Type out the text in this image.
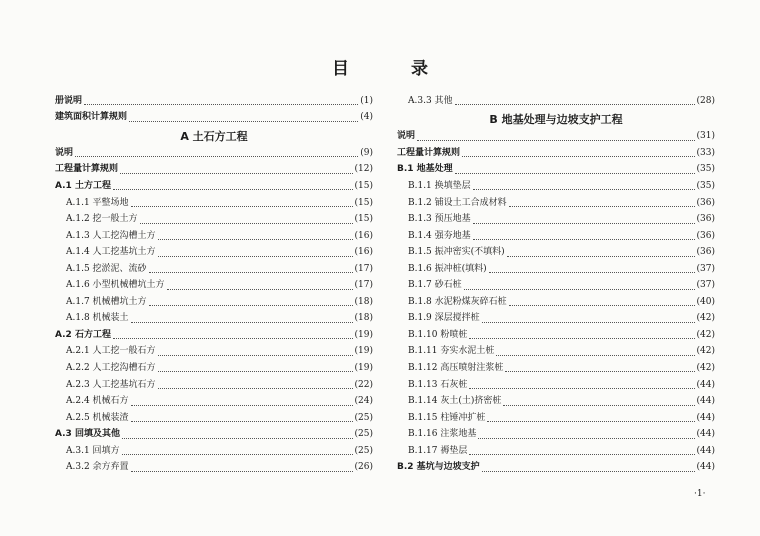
目 录
册说明	(1)
建筑面积计算规则	(4)
A 土石方工程
说明	(9)
工程量计算规则	(12)
A.1 土方工程	(15)
A.1.1 平整场地	(15)
A.1.2 挖一般土方	(15)
A.1.3 人工挖沟槽土方	(16)
A.1.4 人工挖基坑土方	(16)
A.1.5 挖淤泥、流砂	(17)
A.1.6 小型机械槽坑土方	(17)
A.1.7 机械槽坑土方	(18)
A.1.8 机械装土	(18)
A.2 石方工程	(19)
A.2.1 人工挖一般石方	(19)
A.2.2 人工挖沟槽石方	(19)
A.2.3 人工挖基坑石方	(22)
A.2.4 机械石方	(24)
A.2.5 机械装渣	(25)
A.3 回填及其他	(25)
A.3.1 回填方	(25)
A.3.2 余方弃置	(26)
A.3.3 其他	(28)
B 地基处理与边坡支护工程
说明	(31)
工程量计算规则	(33)
B.1 地基处理	(35)
B.1.1 换填垫层	(35)
B.1.2 铺设土工合成材料	(36)
B.1.3 预压地基	(36)
B.1.4 强夯地基	(36)
B.1.5 振冲密实(不填料)	(36)
B.1.6 振冲桩(填料)	(37)
B.1.7 砂石桩	(37)
B.1.8 水泥粉煤灰碎石桩	(40)
B.1.9 深层搅拌桩	(42)
B.1.10 粉喷桩	(42)
B.1.11 夯实水泥土桩	(42)
B.1.12 高压喷射注浆桩	(42)
B.1.13 石灰桩	(44)
B.1.14 灰土(土)挤密桩	(44)
B.1.15 柱锤冲扩桩	(44)
B.1.16 注浆地基	(44)
B.1.17 褥垫层	(44)
B.2 基坑与边坡支护	(44)
·1·
